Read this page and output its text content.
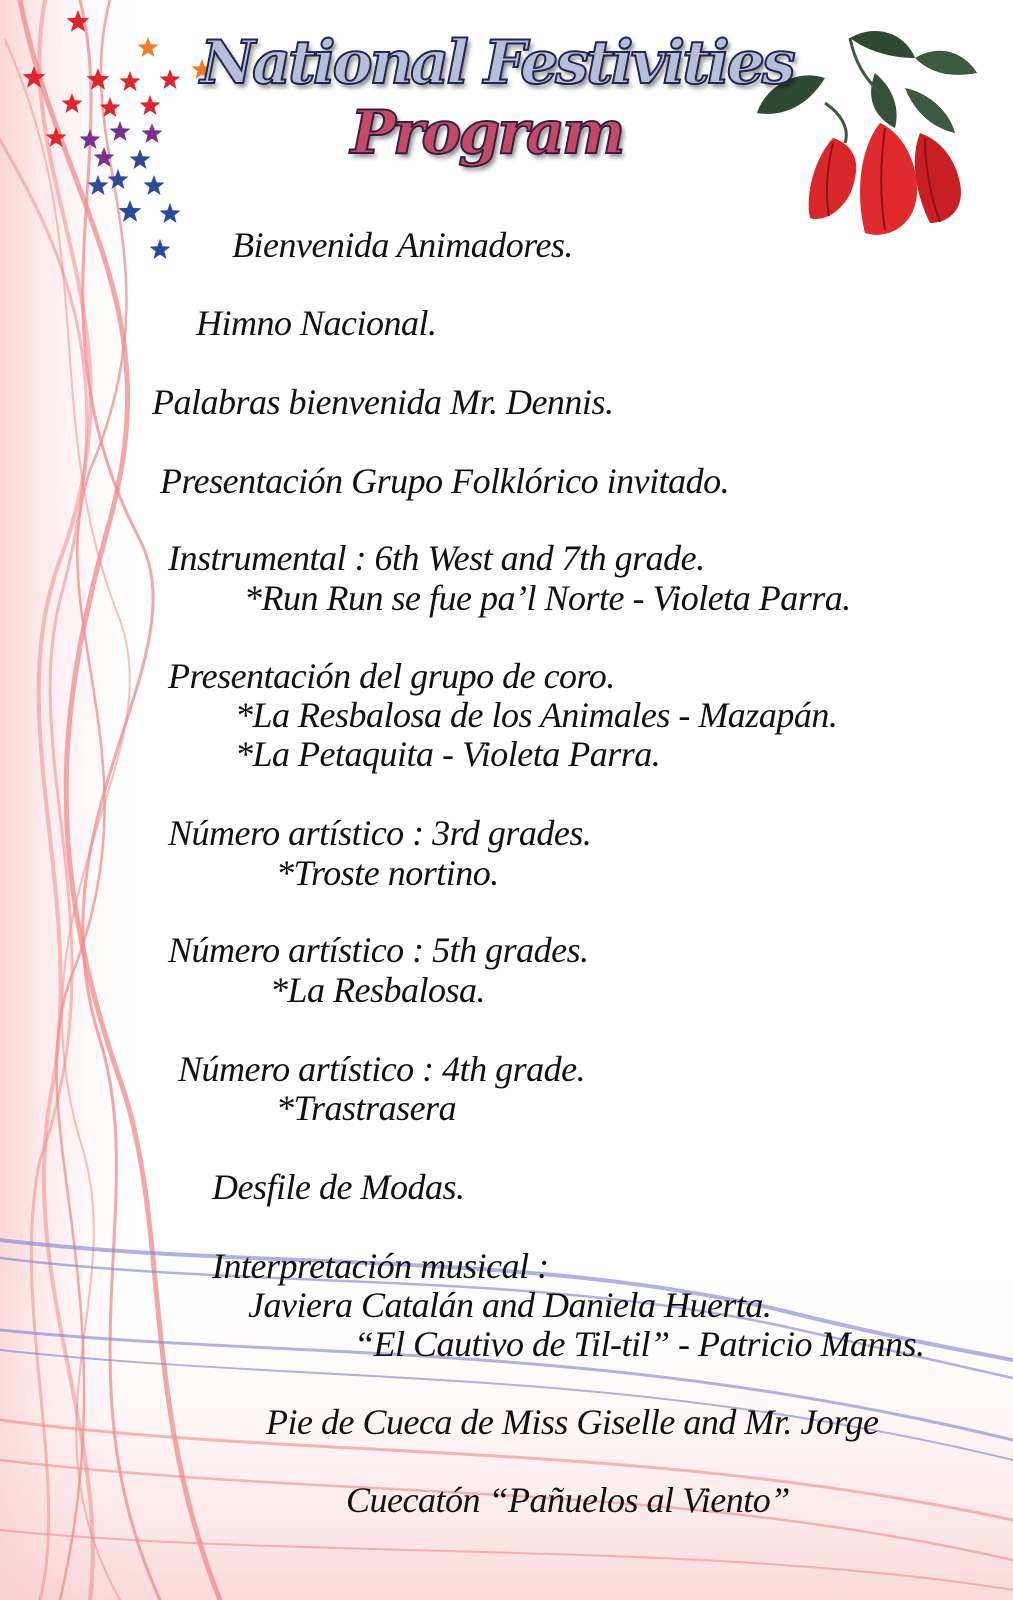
National Festivities
Program
Bienvenida Animadores.
Himno Nacional.
Palabras bienvenida Mr. Dennis.
Presentación Grupo Folklórico invitado.
Instrumental : 6th West and 7th grade.
*Run Run se fue pa’l Norte - Violeta Parra.
Presentación del grupo de coro.
*La Resbalosa de los Animales - Mazapán.
*La Petaquita - Violeta Parra.
Número artístico : 3rd grades.
*Troste nortino.
Número artístico : 5th grades.
*La Resbalosa.
Número artístico : 4th grade.
*Trastrasera
Desfile de Modas.
Interpretación musical :
Javiera Catalán and Daniela Huerta.
“El Cautivo de Til-til” - Patricio Manns.
Pie de Cueca de Miss Giselle and Mr. Jorge
Cuecatón “Pañuelos al Viento”
